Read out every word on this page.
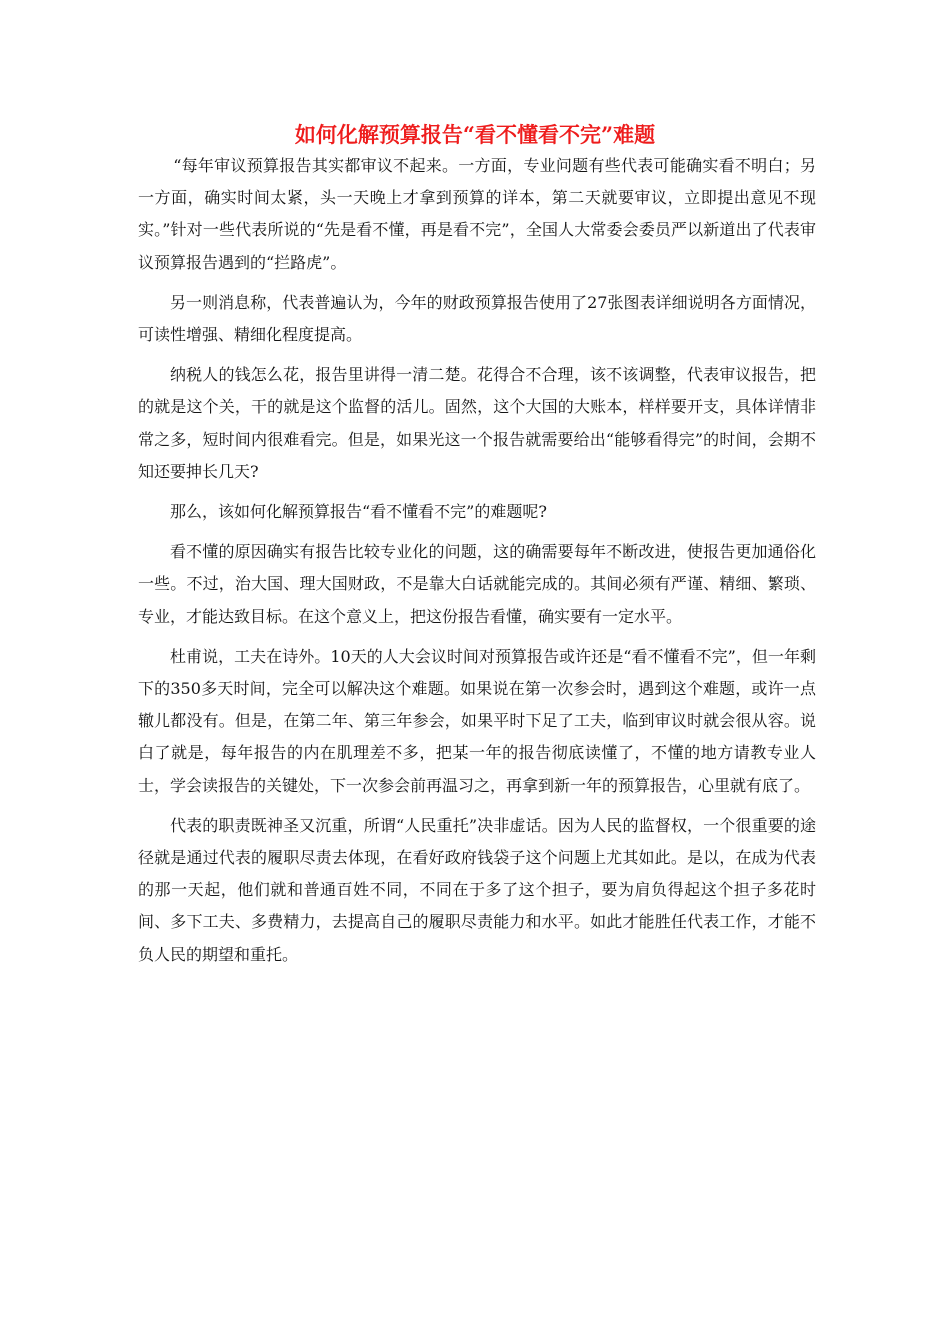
如何化解预算报告“看不懂看不完”难题

“每年审议预算报告其实都审议不起来。一方面，专业问题有些代表可能确实看不明白；另一方面，确实时间太紧，头一天晚上才拿到预算的详本，第二天就要审议，立即提出意见不现实。”针对一些代表所说的“先是看不懂，再是看不完”，全国人大常委会委员严以新道出了代表审议预算报告遇到的“拦路虎”。

另一则消息称，代表普遍认为，今年的财政预算报告使用了27张图表详细说明各方面情况，可读性增强、精细化程度提高。

纳税人的钱怎么花，报告里讲得一清二楚。花得合不合理，该不该调整，代表审议报告，把的就是这个关，干的就是这个监督的活儿。固然，这个大国的大账本，样样要开支，具体详情非常之多，短时间内很难看完。但是，如果光这一个报告就需要给出“能够看得完”的时间，会期不知还要抻长几天?

那么，该如何化解预算报告“看不懂看不完”的难题呢?

看不懂的原因确实有报告比较专业化的问题，这的确需要每年不断改进，使报告更加通俗化一些。不过，治大国、理大国财政，不是靠大白话就能完成的。其间必须有严谨、精细、繁琐、专业，才能达致目标。在这个意义上，把这份报告看懂，确实要有一定水平。

杜甫说，工夫在诗外。10天的人大会议时间对预算报告或许还是“看不懂看不完”，但一年剩下的350多天时间，完全可以解决这个难题。如果说在第一次参会时，遇到这个难题，或许一点辙儿都没有。但是，在第二年、第三年参会，如果平时下足了工夫，临到审议时就会很从容。说白了就是，每年报告的内在肌理差不多，把某一年的报告彻底读懂了，不懂的地方请教专业人士，学会读报告的关键处，下一次参会前再温习之，再拿到新一年的预算报告，心里就有底了。

代表的职责既神圣又沉重，所谓“人民重托”决非虚话。因为人民的监督权，一个很重要的途径就是通过代表的履职尽责去体现，在看好政府钱袋子这个问题上尤其如此。是以，在成为代表的那一天起，他们就和普通百姓不同，不同在于多了这个担子，要为肩负得起这个担子多花时间、多下工夫、多费精力，去提高自己的履职尽责能力和水平。如此才能胜任代表工作，才能不负人民的期望和重托。
